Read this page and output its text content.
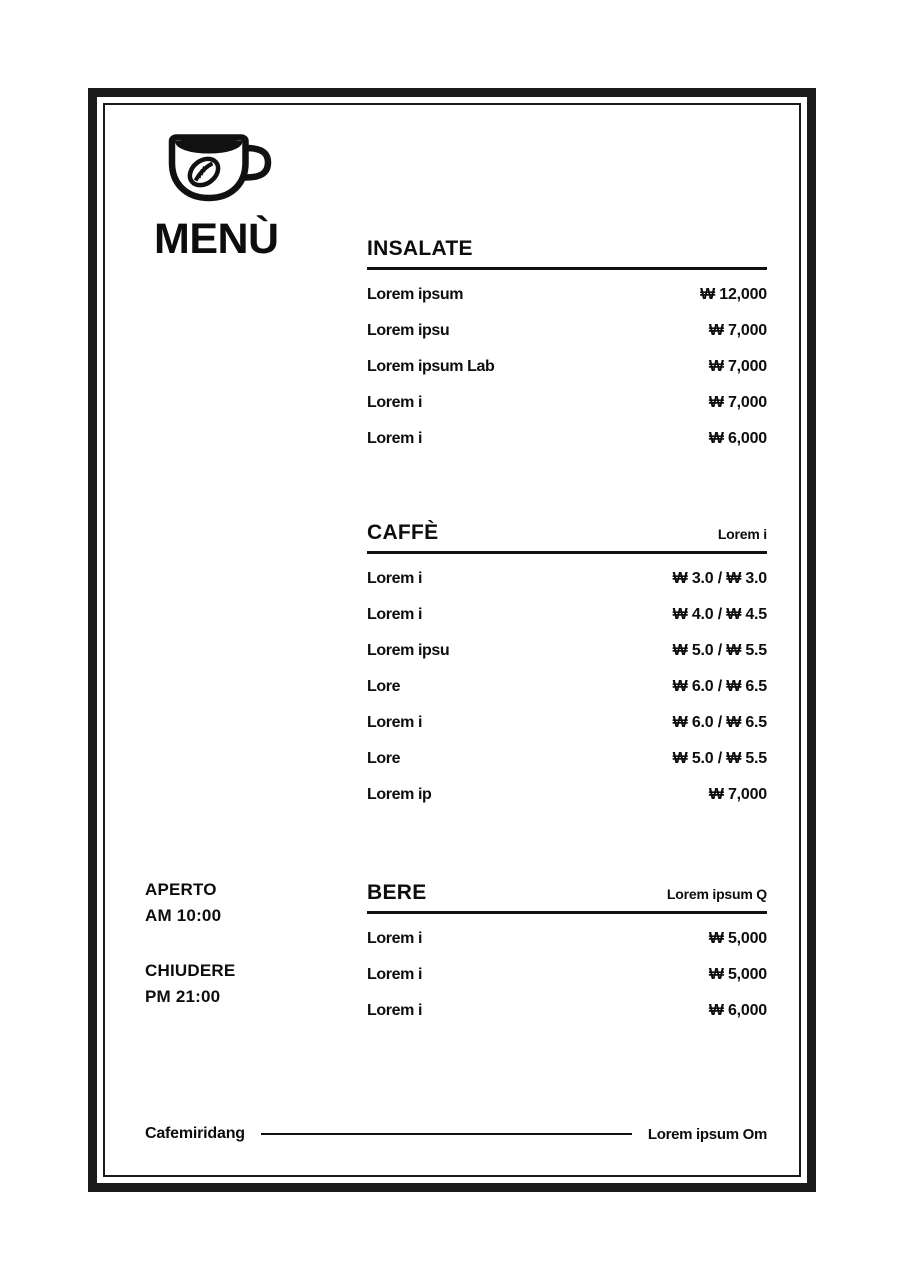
MENÙ	INSALATE
Lorem ipsum	₩ 12,000
Lorem ipsu	₩ 7,000
Lorem ipsum Lab	₩ 7,000
Lorem i	₩ 7,000
Lorem i	₩ 6,000
CAFFÈ	Lorem i
Lorem i	₩ 3.0 / ₩ 3.0
Lorem i	₩ 4.0 / ₩ 4.5
Lorem ipsu	₩ 5.0 / ₩ 5.5
Lore	₩ 6.0 / ₩ 6.5
Lorem i	₩ 6.0 / ₩ 6.5
Lore	₩ 5.0 / ₩ 5.5
Lorem ip	₩ 7,000
BERE	Lorem ipsum Q
Lorem i	₩ 5,000
Lorem i	₩ 5,000
Lorem i	₩ 6,000
APERTO
AM 10:00
CHIUDERE
PM 21:00
Cafemiridang	Lorem ipsum Om
